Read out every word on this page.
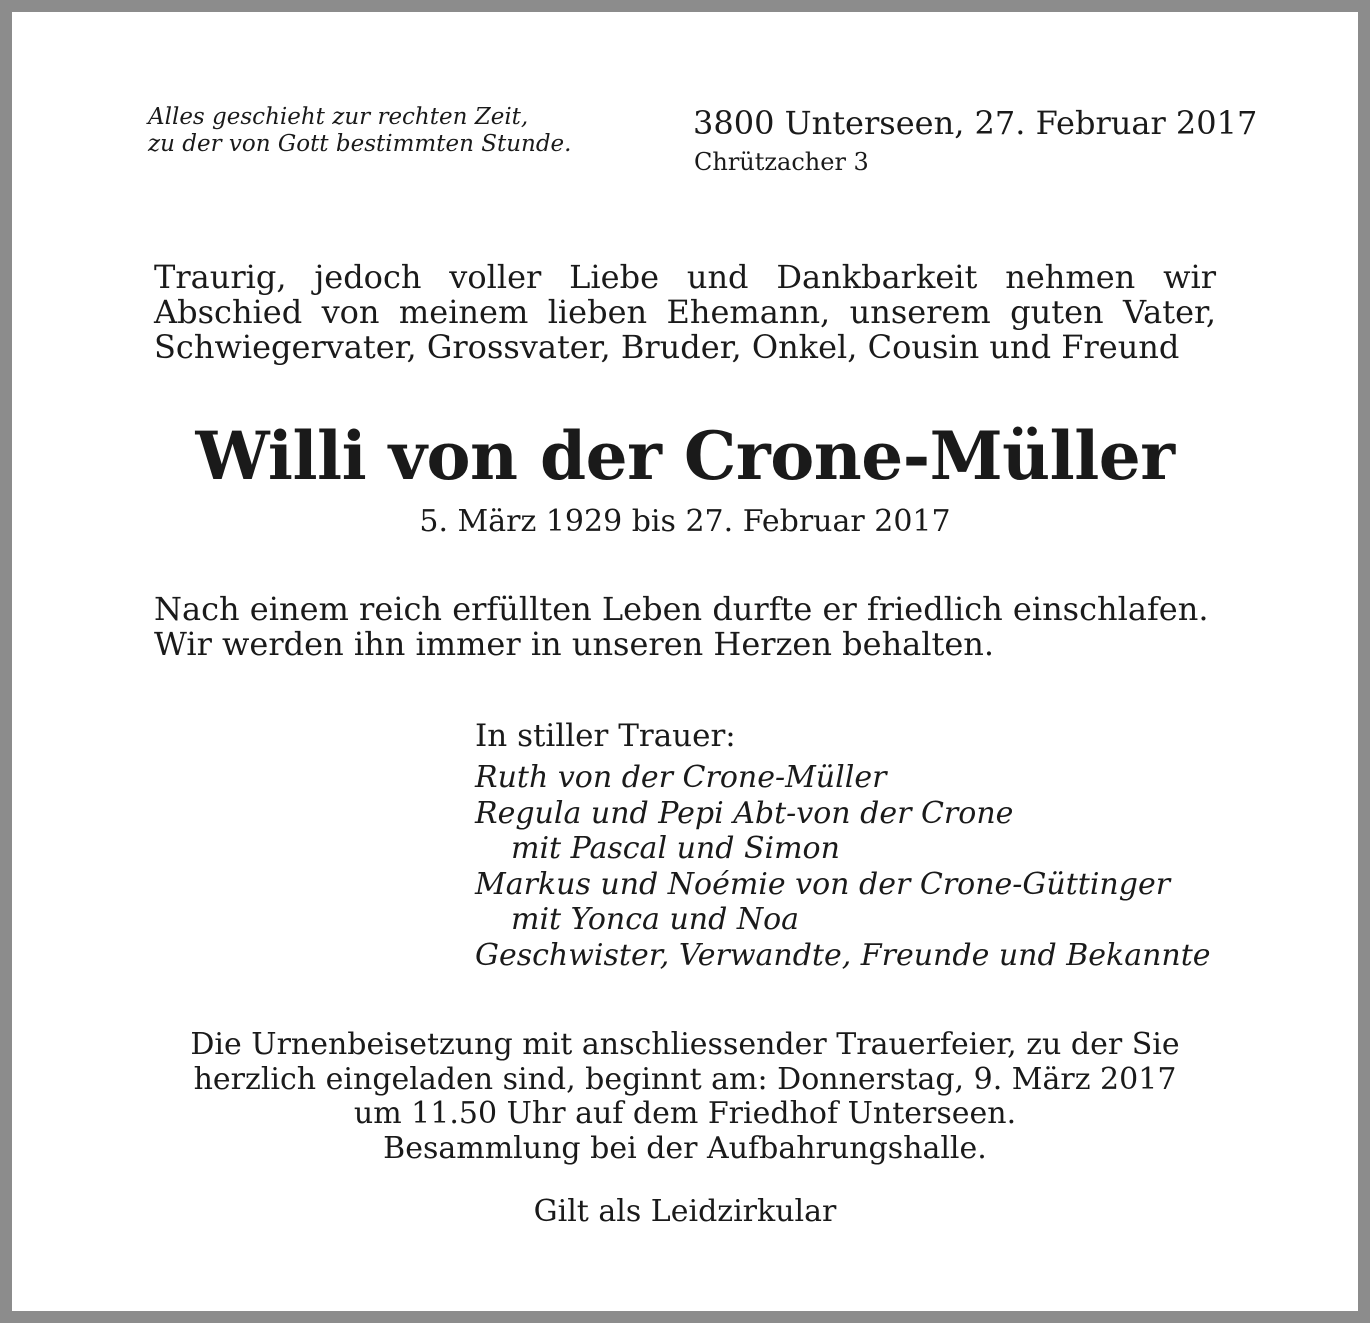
Alles geschieht zur rechten Zeit,
zu der von Gott bestimmten Stunde.
3800 Unterseen, 27. Februar 2017
Chrützacher 3
Traurig, jedoch voller Liebe und Dankbarkeit nehmen wir
Abschied von meinem lieben Ehemann, unserem guten Vater,
Schwiegervater, Grossvater, Bruder, Onkel, Cousin und Freund
Willi von der Crone-Müller
5. März 1929 bis 27. Februar 2017
Nach einem reich erfüllten Leben durfte er friedlich einschlafen.
Wir werden ihn immer in unseren Herzen behalten.
In stiller Trauer:
Ruth von der Crone-Müller
Regula und Pepi Abt-von der Crone
mit Pascal und Simon
Markus und Noémie von der Crone-Güttinger
mit Yonca und Noa
Geschwister, Verwandte, Freunde und Bekannte
Die Urnenbeisetzung mit anschliessender Trauerfeier, zu der Sie
herzlich eingeladen sind, beginnt am: Donnerstag, 9. März 2017
um 11.50 Uhr auf dem Friedhof Unterseen.
Besammlung bei der Aufbahrungshalle.
Gilt als Leidzirkular
